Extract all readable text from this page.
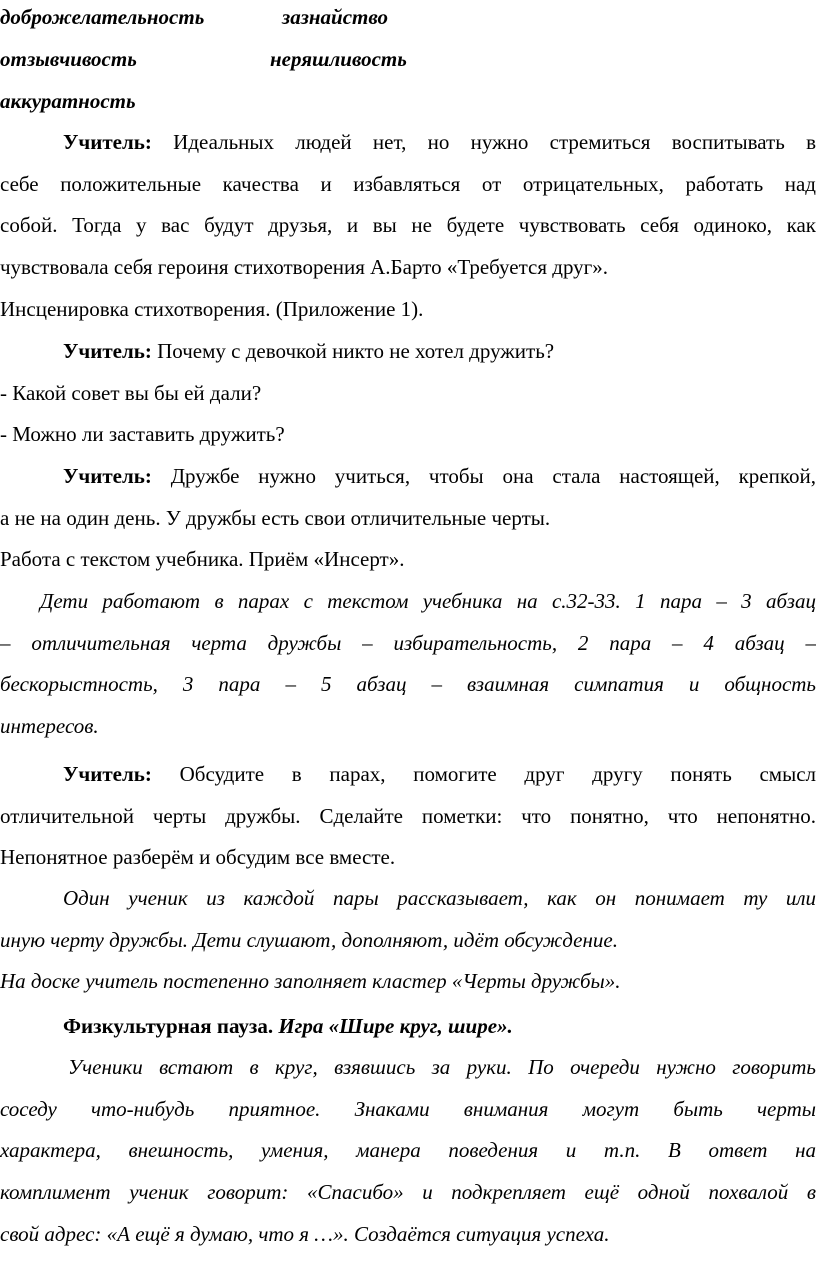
доброжелательность	зазнайство
отзывчивость	неряшливость
аккуратность

Учитель: Идеальных людей нет, но нужно стремиться воспитывать в

себе положительные качества и избавляться от отрицательных, работать над

собой. Тогда у вас будут друзья, и вы не будете чувствовать себя одиноко, как

чувствовала себя героиня стихотворения А.Барто «Требуется друг».

Инсценировка стихотворения. (Приложение 1).

Учитель: Почему с девочкой никто не хотел дружить?

- Какой совет вы бы ей дали?

- Можно ли заставить дружить?

Учитель: Дружбе нужно учиться, чтобы она стала настоящей, крепкой,

а не на один день. У дружбы есть свои отличительные черты.

Работа с текстом учебника. Приём «Инсерт».

Дети работают в парах с текстом учебника на с.32-33. 1 пара – 3 абзац

– отличительная черта дружбы – избирательность, 2 пара – 4 абзац –

бескорыстность, 3 пара – 5 абзац – взаимная симпатия и общность

интересов.

Учитель: Обсудите в парах, помогите друг другу понять смысл

отличительной черты дружбы. Сделайте пометки: что понятно, что непонятно.

Непонятное разберём и обсудим все вместе.

Один ученик из каждой пары рассказывает, как он понимает ту или

иную черту дружбы. Дети слушают, дополняют, идёт обсуждение.

На доске учитель постепенно заполняет кластер «Черты дружбы».

Физкультурная пауза. Игра «Шире круг, шире».

Ученики встают в круг, взявшись за руки. По очереди нужно говорить

соседу что-нибудь приятное. Знаками внимания могут быть черты

характера, внешность, умения, манера поведения и т.п. В ответ на

комплимент ученик говорит: «Спасибо» и подкрепляет ещё одной похвалой в

свой адрес: «А ещё я думаю, что я …». Создаётся ситуация успеха.
